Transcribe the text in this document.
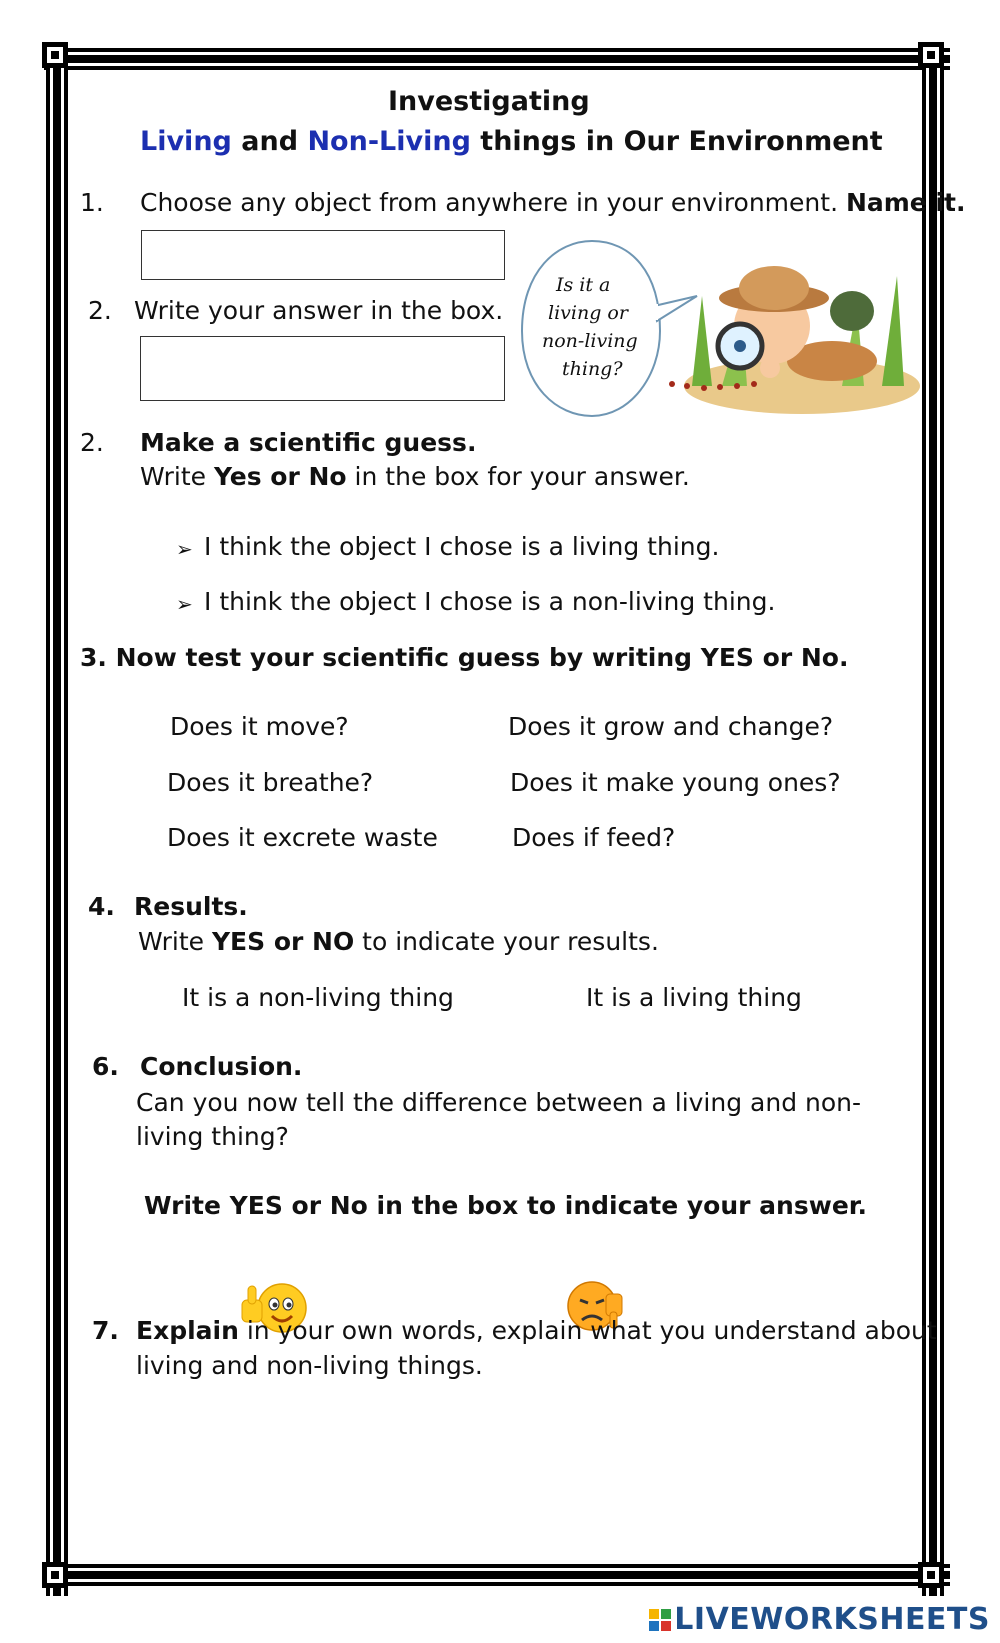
Investigating
Living and Non-Living things in Our Environment
1. Choose any object from anywhere in your environment. Name it.
2. Write your answer in the box.
Is it a
living or
non-living
thing?
2. Make a scientific guess.
Write Yes or No in the box for your answer.
➢ I think the object I chose is a living thing.
➢ I think the object I chose is a non-living thing.
3. Now test your scientific guess by writing YES or No.
Does it move?	Does it grow and change?
Does it breathe?	Does it make young ones?
Does it excrete waste	Does if feed?
4. Results.
Write YES or NO to indicate your results.
It is a non-living thing	It is a living thing
6. Conclusion.
Can you now tell the difference between a living and non-
living thing?
Write YES or No in the box to indicate your answer.
7. Explain in your own words, explain what you understand about
living and non-living things.
LIVEWORKSHEETS
